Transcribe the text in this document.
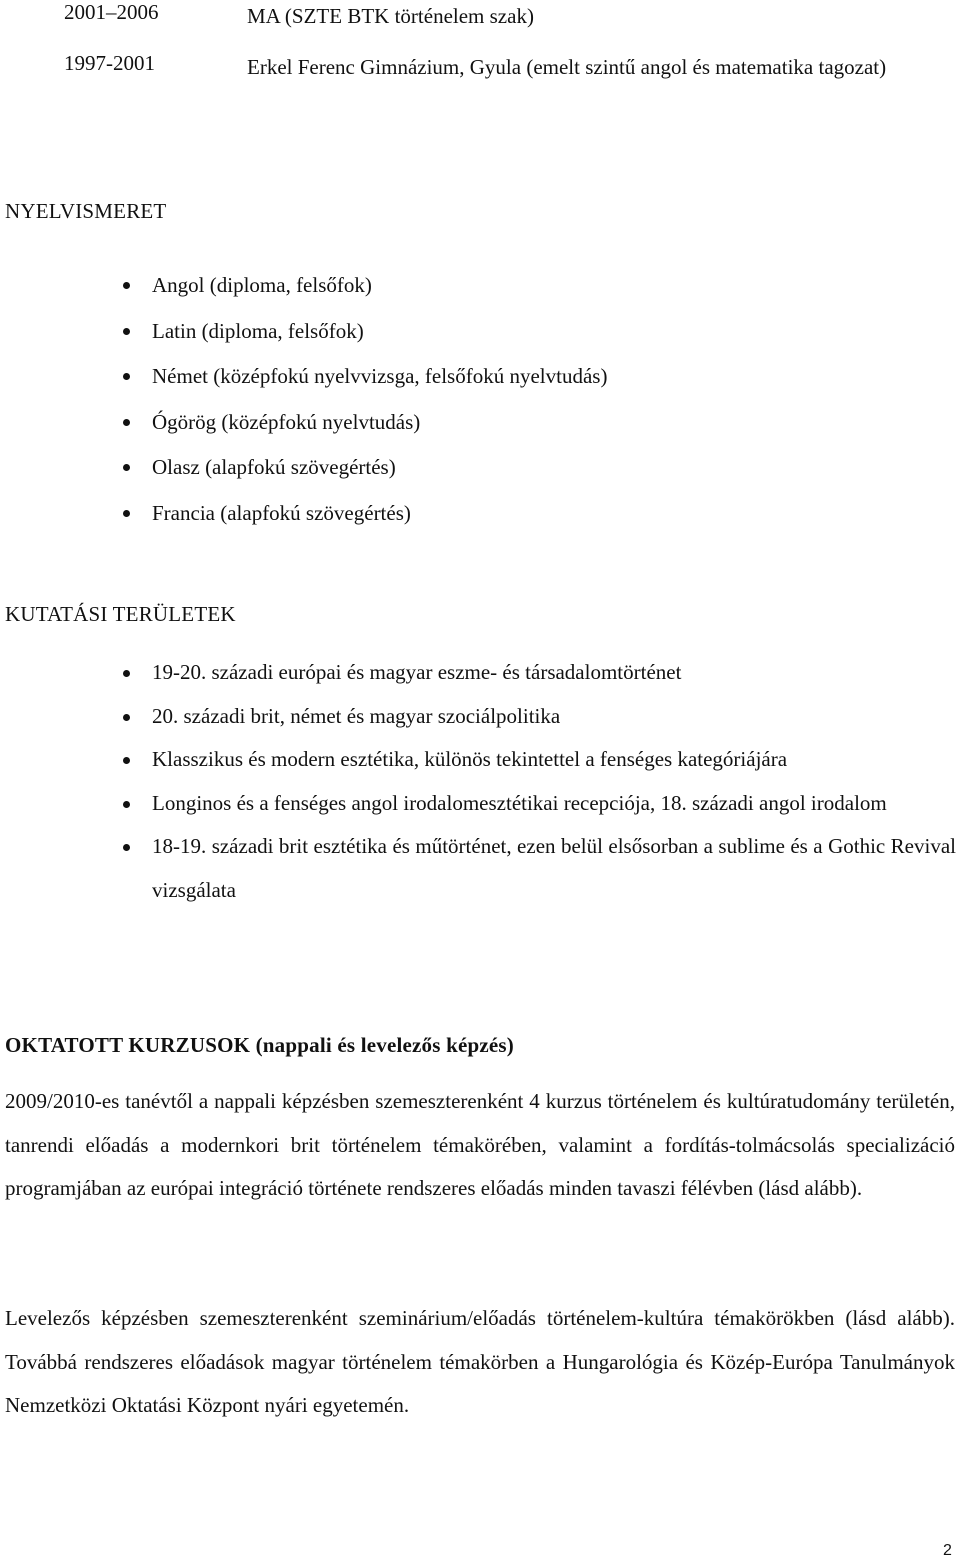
2001–2006	MA (SZTE BTK történelem szak)
1997-2001	Erkel Ferenc Gimnázium, Gyula (emelt szintű angol és matematika tagozat)
NYELVISMERET
Angol (diploma, felsőfok)
Latin (diploma, felsőfok)
Német (középfokú nyelvvizsga, felsőfokú nyelvtudás)
Ógörög (középfokú nyelvtudás)
Olasz (alapfokú szövegértés)
Francia (alapfokú szövegértés)
KUTATÁSI TERÜLETEK
19-20. századi európai és magyar eszme- és társadalomtörténet
20. századi brit, német és magyar szociálpolitika
Klasszikus és modern esztétika, különös tekintettel a fenséges kategóriájára
Longinos és a fenséges angol irodalomesztétikai recepciója, 18. századi angol irodalom
18-19. századi brit esztétika és műtörténet, ezen belül elsősorban a sublime és a Gothic Revival vizsgálata
OKTATOTT KURZUSOK (nappali és levelezős képzés)

2009/2010-es tanévtől a nappali képzésben szemeszterenként 4 kurzus történelem és kultúratudomány területén, tanrendi előadás a modernkori brit történelem témakörében, valamint a fordítás-tolmácsolás specializáció programjában az európai integráció története rendszeres előadás minden tavaszi félévben (lásd alább).

Levelezős képzésben szemeszterenként szeminárium/előadás történelem-kultúra témakörökben (lásd alább). Továbbá rendszeres előadások magyar történelem témakörben a Hungarológia és Közép-Európa Tanulmányok Nemzetközi Oktatási Központ nyári egyetemén.

2
